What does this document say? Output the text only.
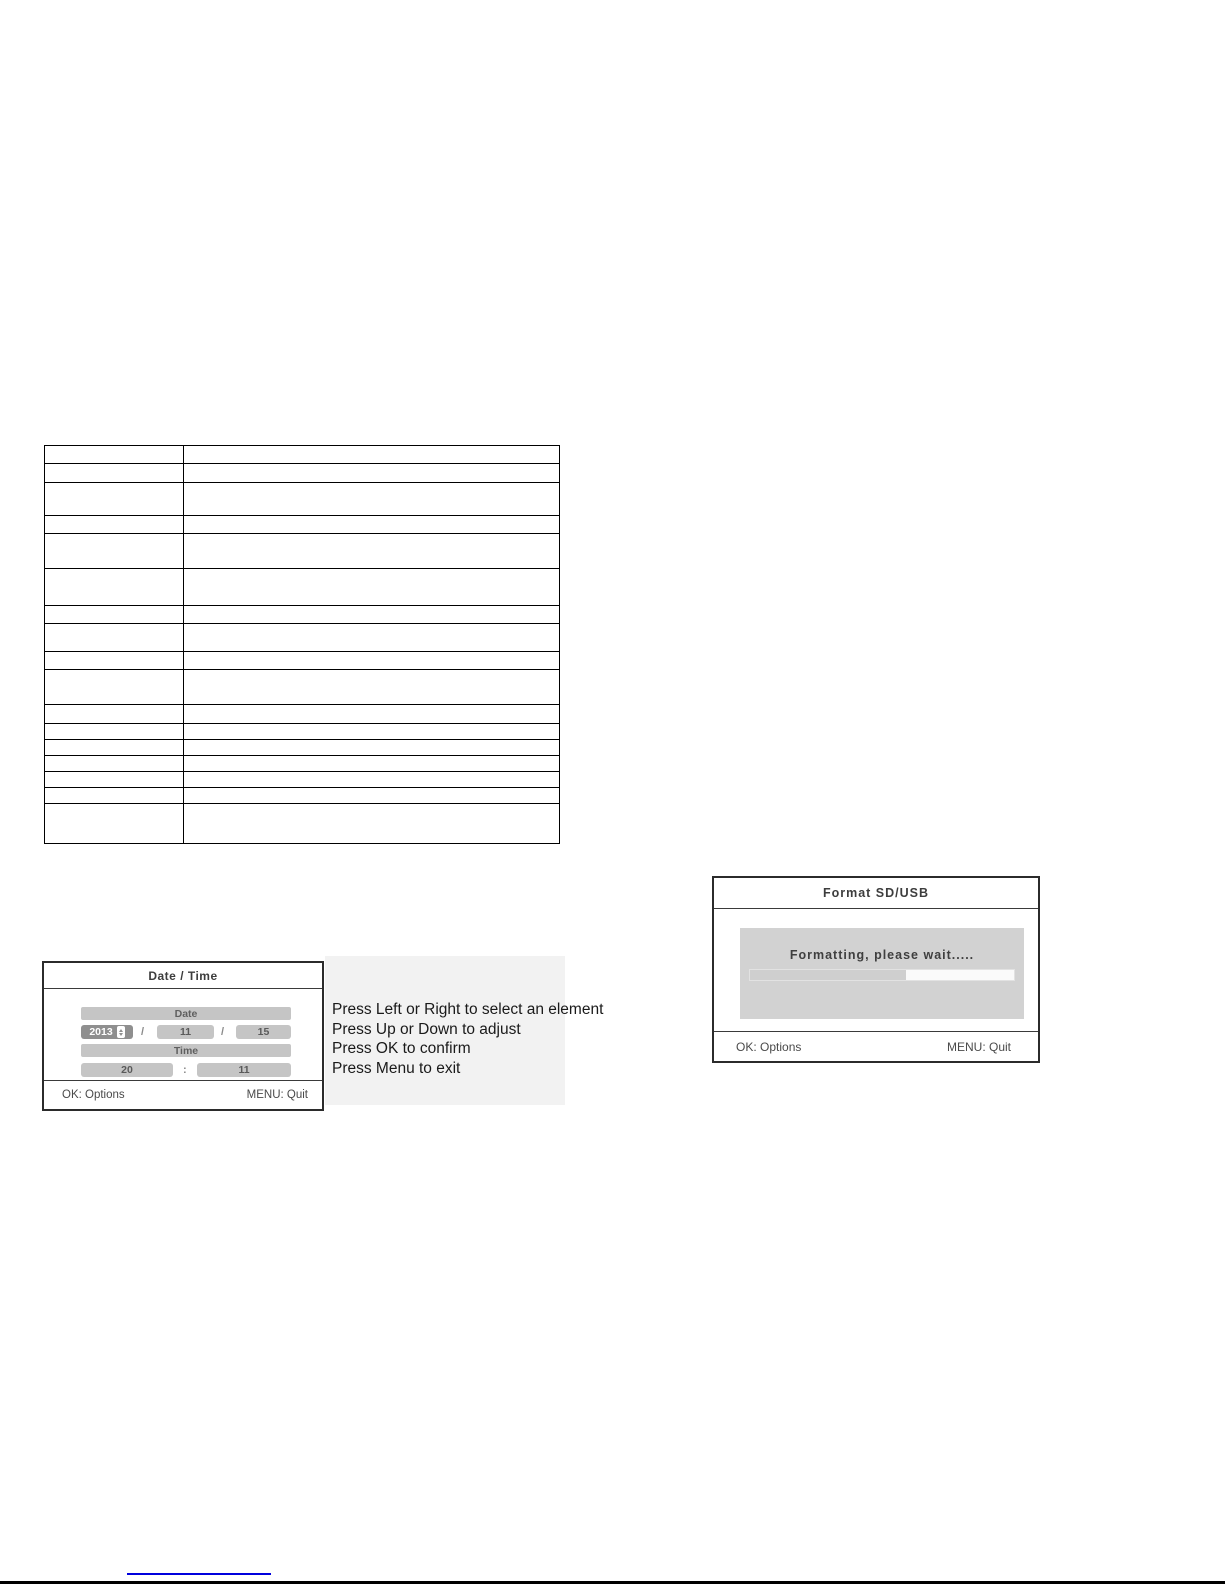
Date / Time
Date
2013	/	11	/	15
Time
20	:	11
OK: Options	MENU: Quit
Press Left or Right to select an element
Press Up or Down to adjust
Press OK to confirm
Press Menu to exit
Format SD/USB
Formatting, please wait.....
OK: Options	MENU: Quit
